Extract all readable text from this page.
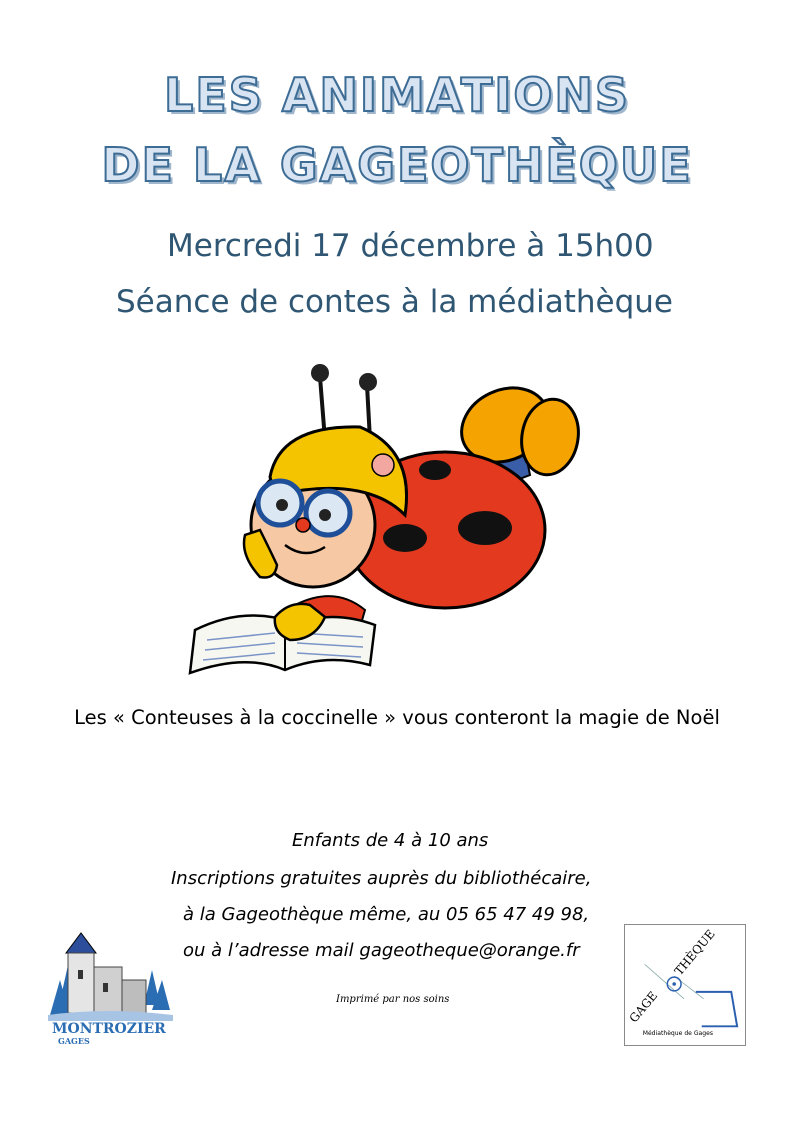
LES ANIMATIONS
DE LA GAGEOTHÈQUE
Mercredi 17 décembre à 15h00
Séance de contes à la médiathèque
Les « Conteuses à la coccinelle » vous conteront la magie de Noël
Enfants de 4 à 10 ans
Inscriptions gratuites auprès du bibliothécaire,
à la Gageothèque même, au 05 65 47 49 98,
ou à l’adresse mail gageotheque@orange.fr
Imprimé par nos soins
MONTROZIER
GAGES
GAGE
THÈQUE
Médiathèque de Gages
